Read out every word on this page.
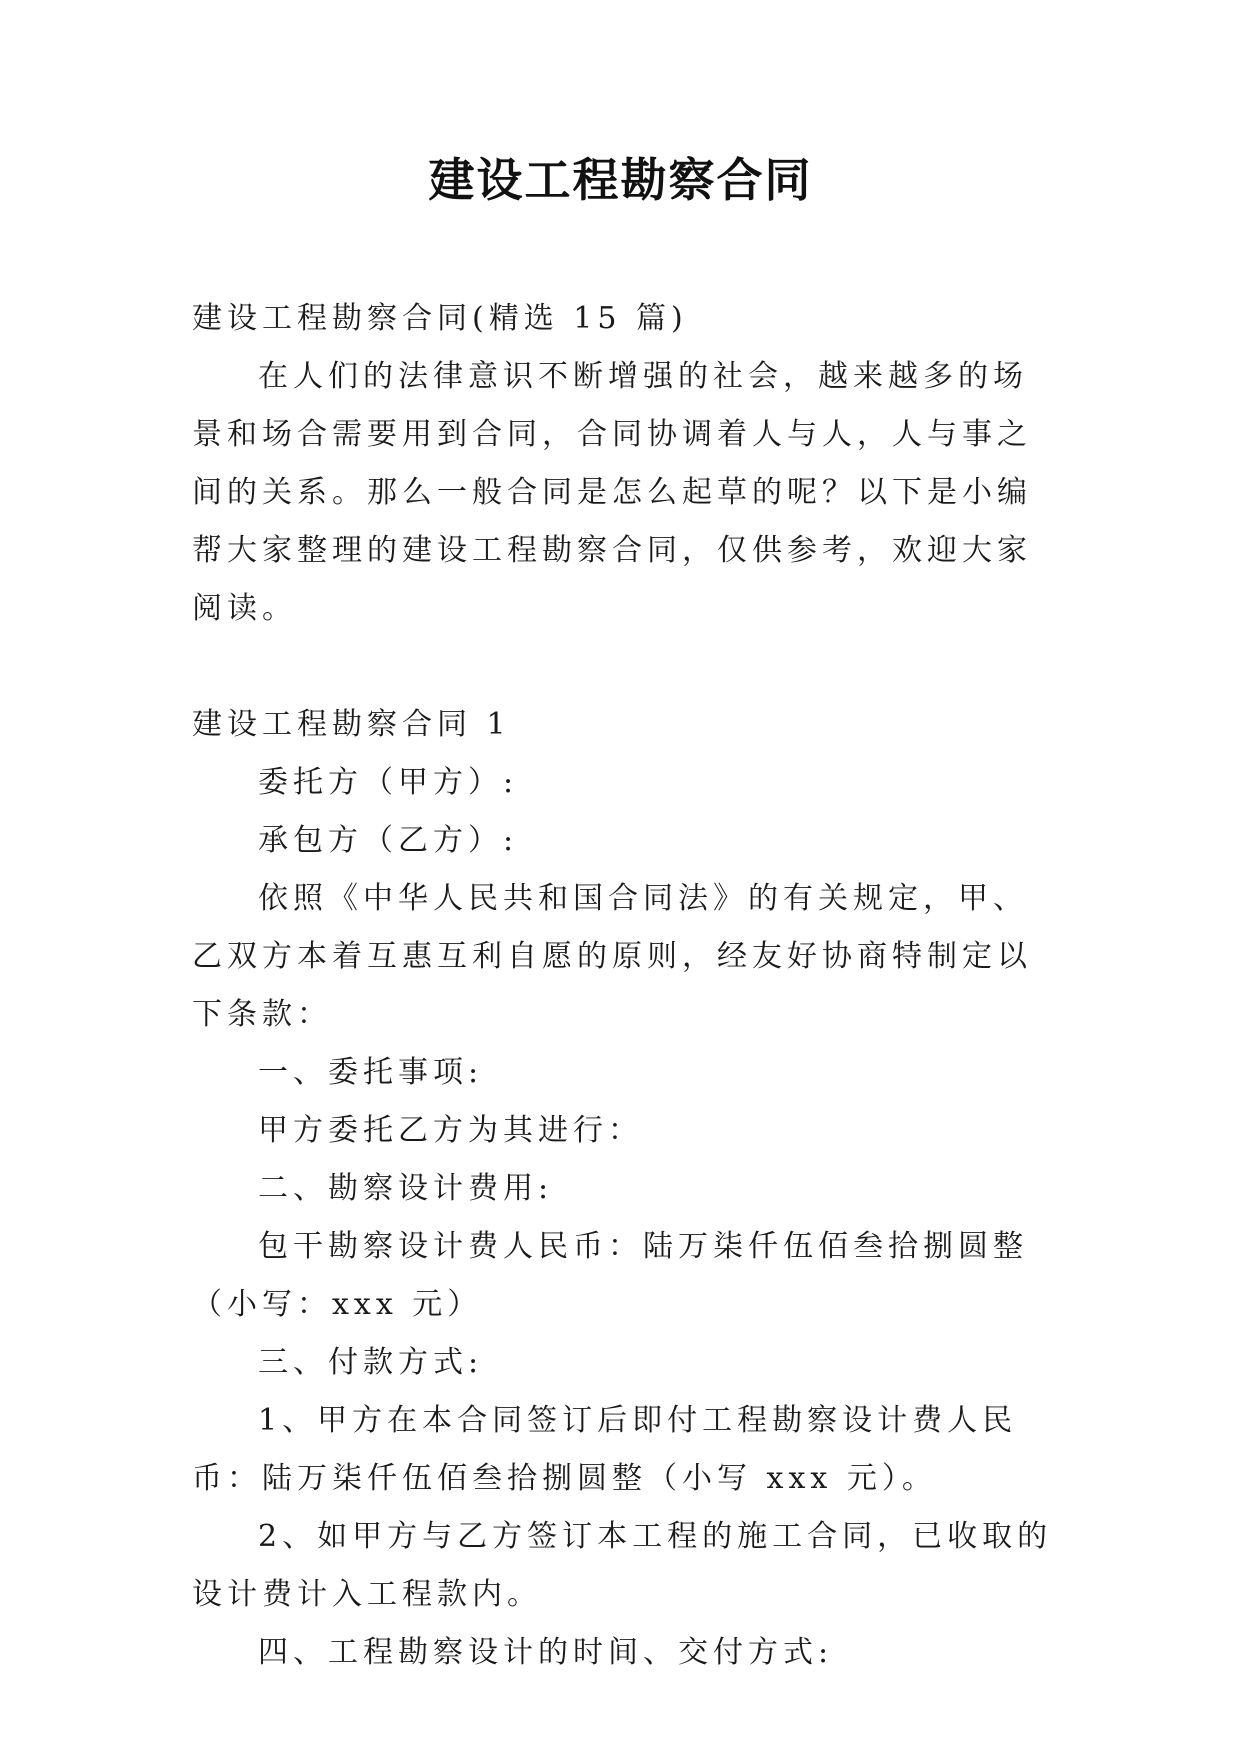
建设工程勘察合同

建设工程勘察合同(精选 15 篇)

在人们的法律意识不断增强的社会，越来越多的场景和场合需要用到合同，合同协调着人与人，人与事之间的关系。那么一般合同是怎么起草的呢？以下是小编帮大家整理的建设工程勘察合同，仅供参考，欢迎大家阅读。

建设工程勘察合同 1

委托方（甲方）:

承包方（乙方）:

依照《中华人民共和国合同法》的有关规定，甲、乙双方本着互惠互利自愿的原则，经友好协商特制定以下条款：

一、委托事项:

甲方委托乙方为其进行：

二、勘察设计费用:

包干勘察设计费人民币：陆万柒仟伍佰叁拾捌圆整（小写：xxx 元）

三、付款方式:

1、甲方在本合同签订后即付工程勘察设计费人民币：陆万柒仟伍佰叁拾捌圆整（小写 xxx 元）。

2、如甲方与乙方签订本工程的施工合同，已收取的设计费计入工程款内。

四、工程勘察设计的时间、交付方式:
